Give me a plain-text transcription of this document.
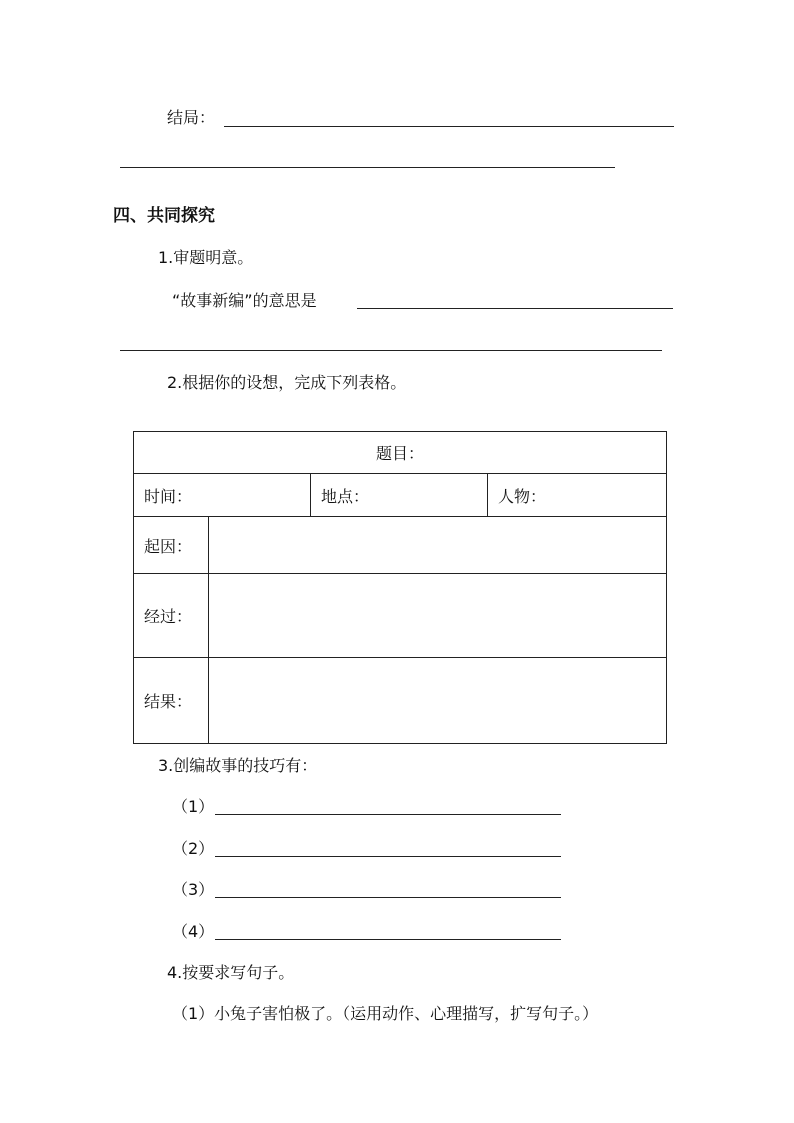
结局：
四、共同探究
1.审题明意。
“故事新编”的意思是
2.根据你的设想，完成下列表格。
题目：			
时间：		地点：	人物：
起因：			
经过：			
结果：			
3.创编故事的技巧有：
（1）
（2）
（3）
（4）
4.按要求写句子。
（1）小兔子害怕极了。（运用动作、心理描写，扩写句子。）
